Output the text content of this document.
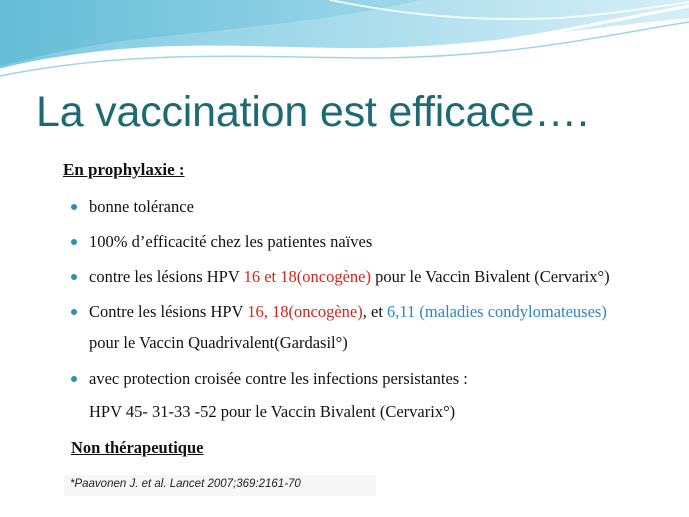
La vaccination est efficace….
En prophylaxie :
bonne tolérance
100% d’efficacité chez les patientes naïves
contre les lésions HPV 16 et 18(oncogène) pour le Vaccin Bivalent (Cervarix°)
Contre les lésions HPV 16, 18(oncogène), et 6,11 (maladies condylomateuses)
pour le Vaccin Quadrivalent(Gardasil°)
avec protection croisée contre les infections persistantes :
HPV 45- 31-33 -52 pour le Vaccin Bivalent (Cervarix°)
Non thérapeutique
*Paavonen J. et al. Lancet 2007;369:2161-70
